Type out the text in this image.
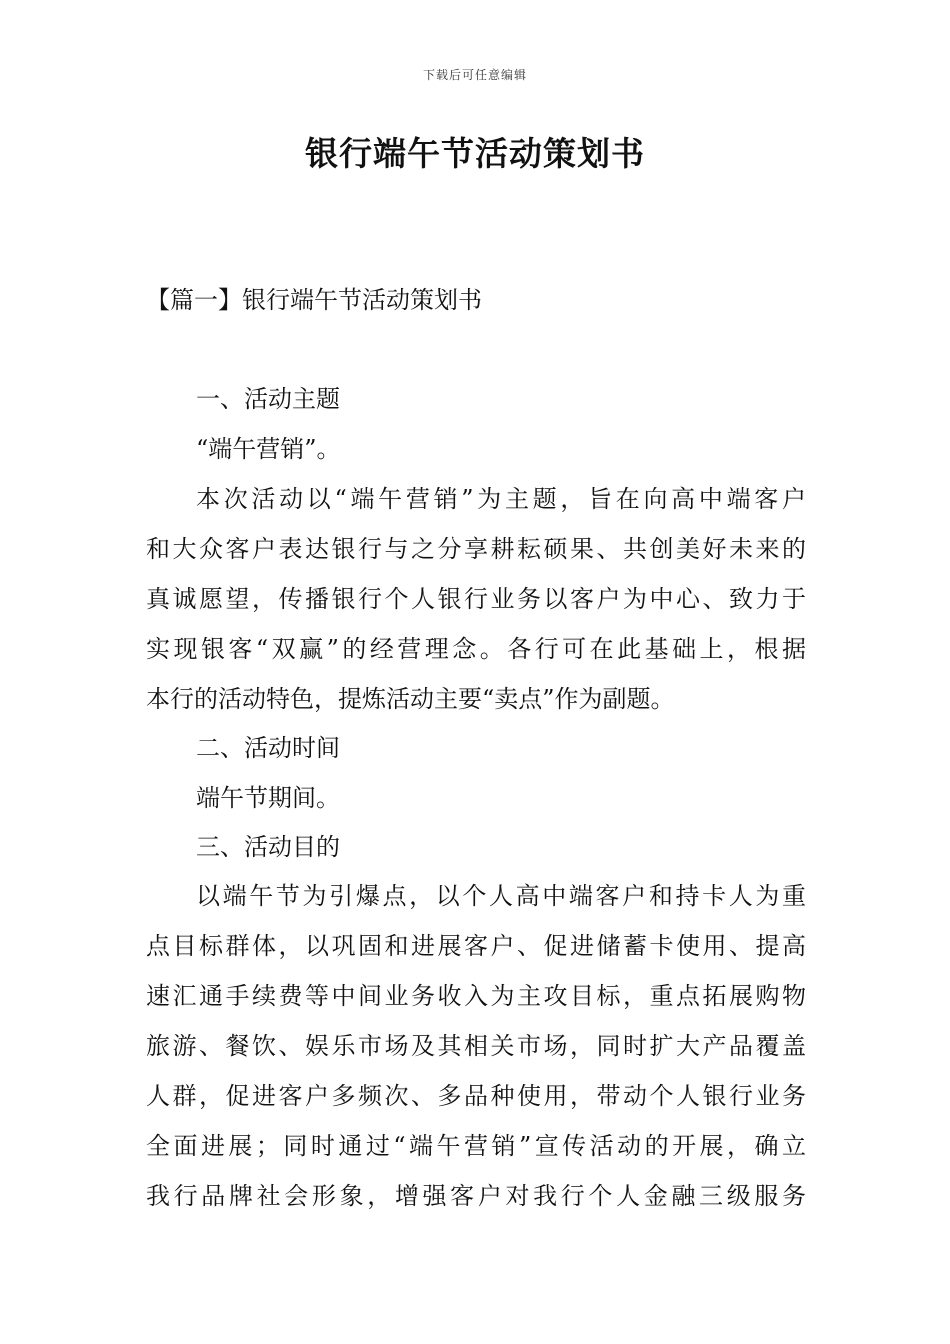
下载后可任意编辑
银行端午节活动策划书
【篇一】银行端午节活动策划书
一、活动主题
“端午营销”。
本次活动以“端午营销”为主题，旨在向高中端客户
和大众客户表达银行与之分享耕耘硕果、共创美好未来的
真诚愿望，传播银行个人银行业务以客户为中心、致力于
实现银客“双赢”的经营理念。各行可在此基础上，根据
本行的活动特色，提炼活动主要“卖点”作为副题。
二、活动时间
端午节期间。
三、活动目的
以端午节为引爆点，以个人高中端客户和持卡人为重
点目标群体，以巩固和进展客户、促进储蓄卡使用、提高
速汇通手续费等中间业务收入为主攻目标，重点拓展购物
旅游、餐饮、娱乐市场及其相关市场，同时扩大产品覆盖
人群，促进客户多频次、多品种使用，带动个人银行业务
全面进展；同时通过“端午营销”宣传活动的开展，确立
我行品牌社会形象，增强客户对我行个人金融三级服务
